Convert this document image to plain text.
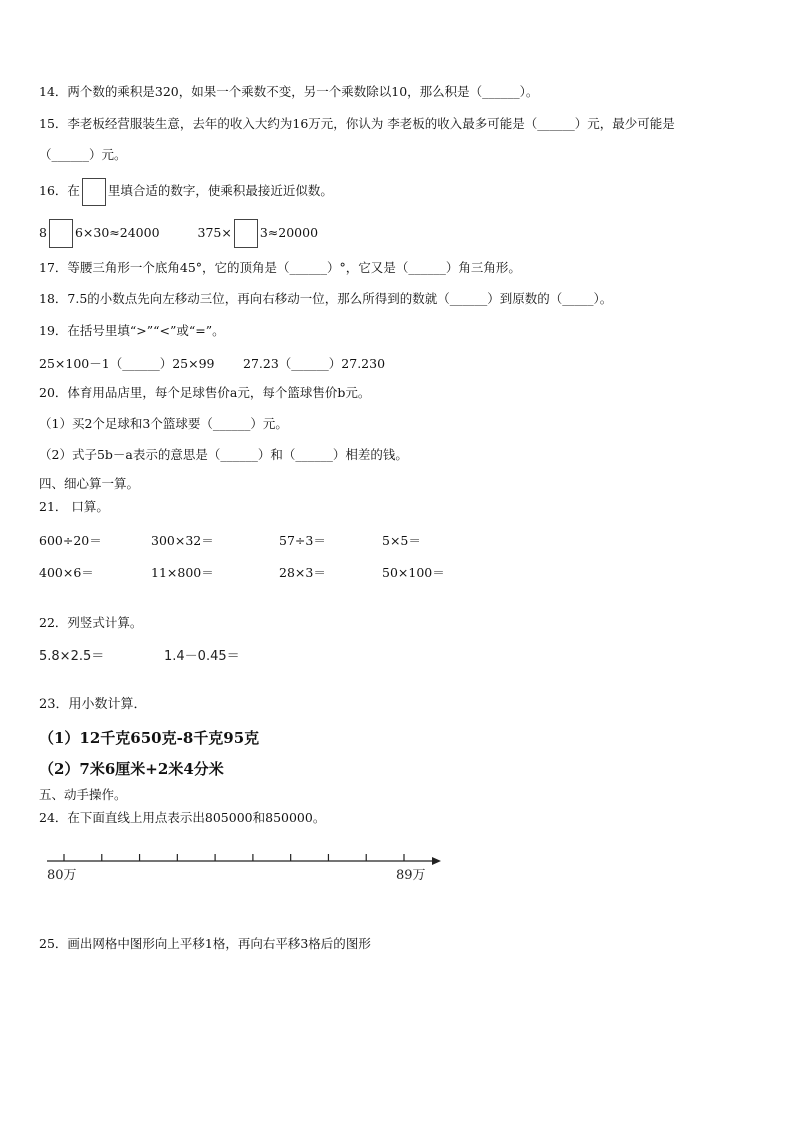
14．两个数的乘积是320，如果一个乘数不变，另一个乘数除以10，那么积是（______）。
15．李老板经营服装生意，去年的收入大约为16万元，你认为 李老板的收入最多可能是（______）元，最少可能是
（______）元。
16．在 里填合适的数字，使乘积最接近近似数。
8 6×30≈24000	375× 3≈20000
17．等腰三角形一个底角45°，它的顶角是（______）°，它又是（______）角三角形。
18．7.5的小数点先向左移动三位，再向右移动一位，那么所得到的数就（______）到原数的（_____）。
19．在括号里填“>”“<”或“=”。
25×100－1（______）25×99 27.23（______）27.230
20．体育用品店里，每个足球售价a元，每个篮球售价b元。
（1）买2个足球和3个篮球要（______）元。
（2）式子5b－a表示的意思是（______）和（______）相差的钱。
四、细心算一算。
21． 口算。
600÷20＝	300×32＝	57÷3＝	5×5＝
400×6＝	11×800＝	28×3＝	50×100＝
22．列竖式计算。
5.8×2.5＝	1.4－0.45＝
23．用小数计算．
（1）12千克650克-8千克95克
（2）7米6厘米+2米4分米
五、动手操作。
24．在下面直线上用点表示出805000和850000。
80万	89万
25．画出网格中图形向上平移1格，再向右平移3格后的图形
